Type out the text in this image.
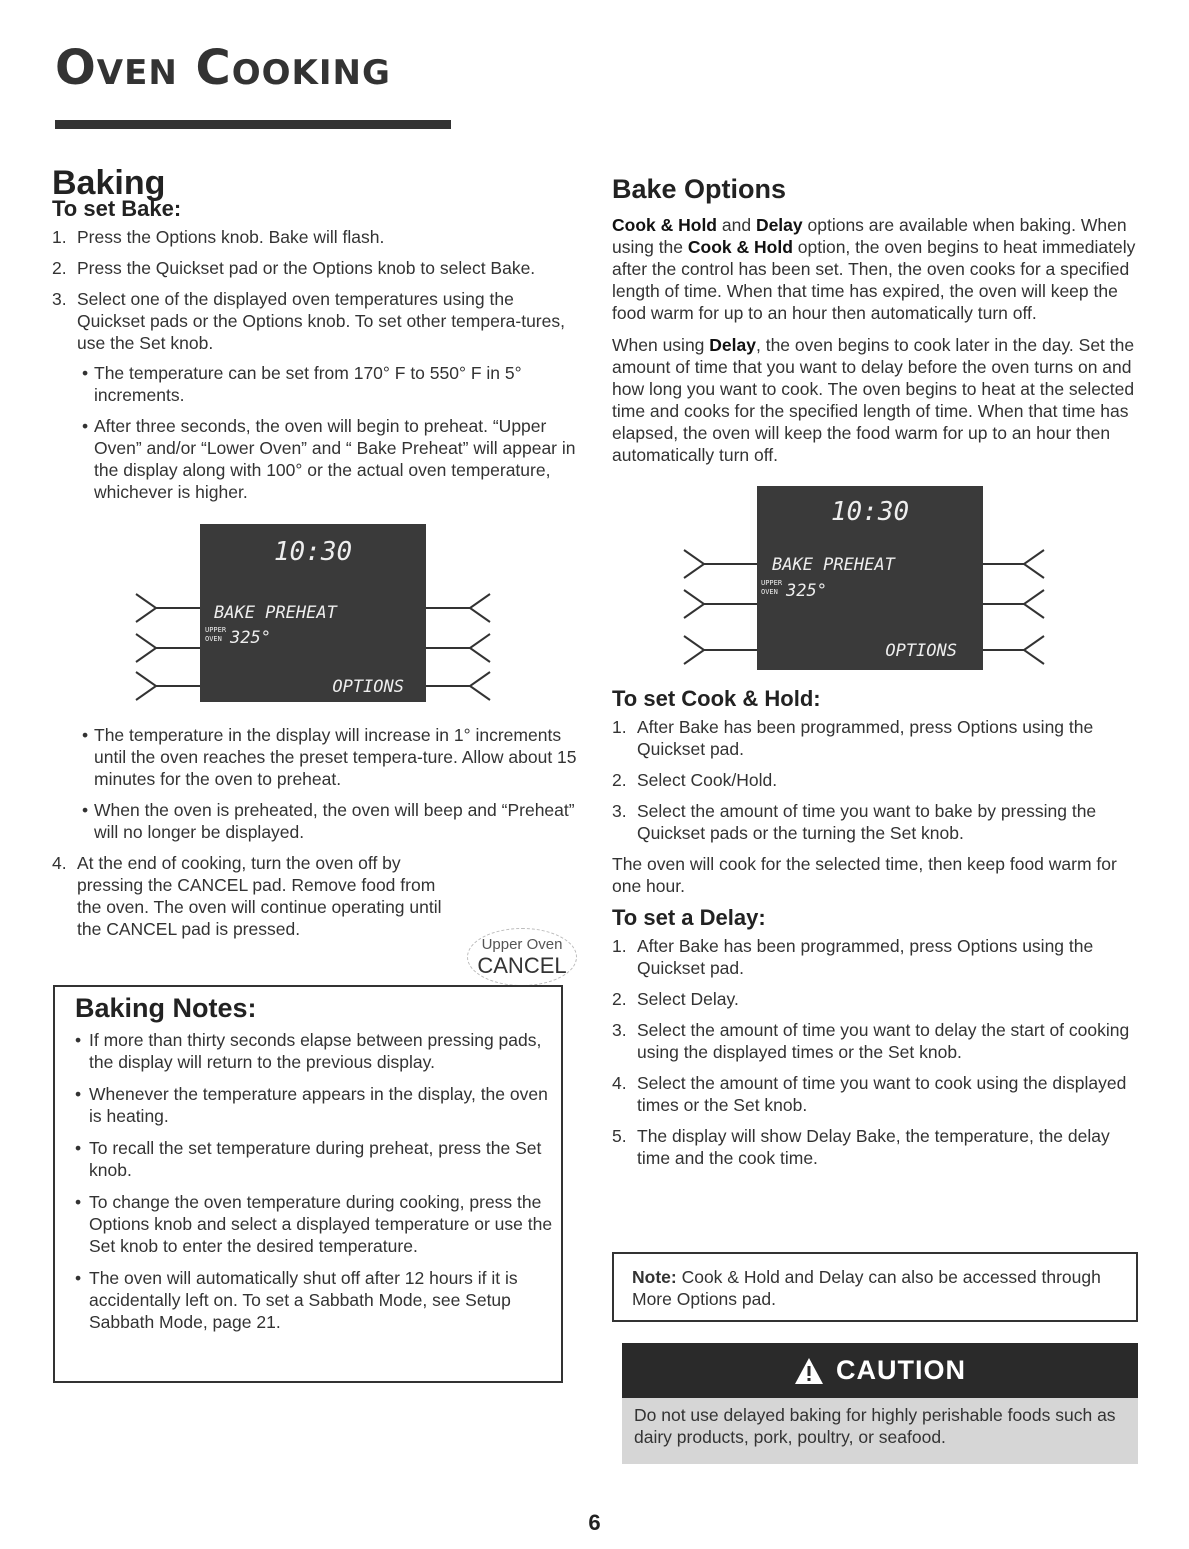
Oven Cooking
Baking
To set Bake:
1. Press the Options knob. Bake will flash.
2. Press the Quickset pad or the Options knob to select Bake.
3. Select one of the displayed oven temperatures using the Quickset pads or the Options knob. To set other tempera-tures, use the Set knob.
• The temperature can be set from 170° F to 550° F in 5° increments.
• After three seconds, the oven will begin to preheat. “Upper Oven” and/or “Lower Oven” and “ Bake Preheat” will appear in the display along with 100° or the actual oven temperature, whichever is higher.
10:30
BAKE PREHEAT
UPPER
OVEN 325°
OPTIONS
• The temperature in the display will increase in 1° increments until the oven reaches the preset tempera-ture. Allow about 15 minutes for the oven to preheat.
• When the oven is preheated, the oven will beep and “Preheat” will no longer be displayed.
4. At the end of cooking, turn the oven off by pressing the CANCEL pad. Remove food from the oven. The oven will continue operating until the CANCEL pad is pressed.
Upper Oven
CANCEL
Baking Notes:
• If more than thirty seconds elapse between pressing pads, the display will return to the previous display.
• Whenever the temperature appears in the display, the oven is heating.
• To recall the set temperature during preheat, press the Set knob.
• To change the oven temperature during cooking, press the Options knob and select a displayed temperature or use the Set knob to enter the desired temperature.
• The oven will automatically shut off after 12 hours if it is accidentally left on. To set a Sabbath Mode, see Setup Sabbath Mode, page 21.
Bake Options

Cook & Hold and Delay options are available when baking. When using the Cook & Hold option, the oven begins to heat immediately after the control has been set. Then, the oven cooks for a specified length of time. When that time has expired, the oven will keep the food warm for up to an hour then automatically turn off.

When using Delay, the oven begins to cook later in the day. Set the amount of time that you want to delay before the oven turns on and how long you want to cook. The oven begins to heat at the selected time and cooks for the specified length of time. When that time has elapsed, the oven will keep the food warm for up to an hour then automatically turn off.

10:30
BAKE PREHEAT
UPPER
OVEN 325°
OPTIONS
To set Cook & Hold:
1. After Bake has been programmed, press Options using the Quickset pad.
2. Select Cook/Hold.
3. Select the amount of time you want to bake by pressing the Quickset pads or the turning the Set knob.

The oven will cook for the selected time, then keep food warm for one hour.

To set a Delay:
1. After Bake has been programmed, press Options using the Quickset pad.
2. Select Delay.
3. Select the amount of time you want to delay the start of cooking using the displayed times or the Set knob.
4. Select the amount of time you want to cook using the displayed times or the Set knob.
5. The display will show Delay Bake, the temperature, the delay time and the cook time.
Note: Cook & Hold and Delay can also be accessed through More Options pad.
CAUTION
Do not use delayed baking for highly perishable foods such as dairy products, pork, poultry, or seafood.
6
